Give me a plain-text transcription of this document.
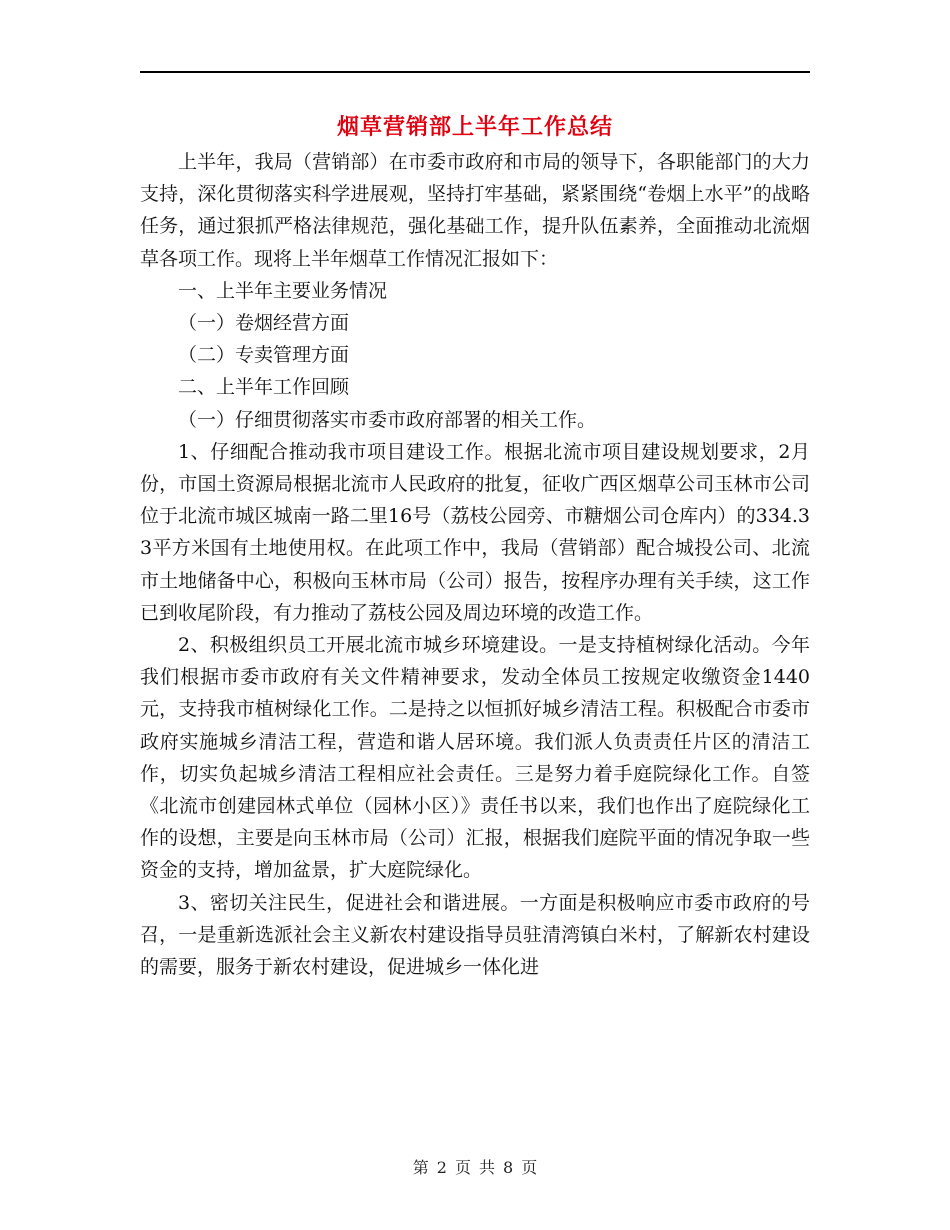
烟草营销部上半年工作总结

上半年，我局（营销部）在市委市政府和市局的领导下，各职能部门的大力支持，深化贯彻落实科学进展观，坚持打牢基础，紧紧围绕“卷烟上水平”的战略任务，通过狠抓严格法律规范，强化基础工作，提升队伍素养，全面推动北流烟草各项工作。现将上半年烟草工作情况汇报如下：

一、上半年主要业务情况

（一）卷烟经营方面

（二）专卖管理方面

二、上半年工作回顾

（一）仔细贯彻落实市委市政府部署的相关工作。

1、仔细配合推动我市项目建设工作。根据北流市项目建设规划要求，2月份，市国土资源局根据北流市人民政府的批复，征收广西区烟草公司玉林市公司位于北流市城区城南一路二里16号（荔枝公园旁、市糖烟公司仓库内）的334.33平方米国有土地使用权。在此项工作中，我局（营销部）配合城投公司、北流市土地储备中心，积极向玉林市局（公司）报告，按程序办理有关手续，这工作已到收尾阶段，有力推动了荔枝公园及周边环境的改造工作。

2、积极组织员工开展北流市城乡环境建设。一是支持植树绿化活动。今年我们根据市委市政府有关文件精神要求，发动全体员工按规定收缴资金1440 元，支持我市植树绿化工作。二是持之以恒抓好城乡清洁工程。积极配合市委市政府实施城乡清洁工程，营造和谐人居环境。我们派人负责责任片区的清洁工作，切实负起城乡清洁工程相应社会责任。三是努力着手庭院绿化工作。自签《北流市创建园林式单位（园林小区）》责任书以来，我们也作出了庭院绿化工作的设想，主要是向玉林市局（公司）汇报，根据我们庭院平面的情况争取一些资金的支持，增加盆景，扩大庭院绿化。

3、密切关注民生，促进社会和谐进展。一方面是积极响应市委市政府的号召，一是重新选派社会主义新农村建设指导员驻清湾镇白米村，了解新农村建设的需要，服务于新农村建设，促进城乡一体化进

第 2 页 共 8 页
